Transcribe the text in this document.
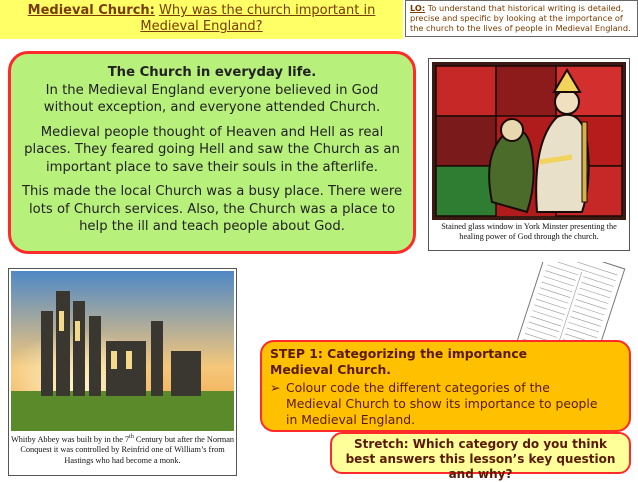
Medieval Church: Why was the church important in Medieval England?
LO: To understand that historical writing is detailed, precise and specific by looking at the importance of the church to the lives of people in Medieval England.

The Church in everyday life.
In the Medieval England everyone believed in God without exception, and everyone attended Church.

Medieval people thought of Heaven and Hell as real places. They feared going Hell and saw the Church as an important place to save their souls in the afterlife.

This made the local Church was a busy place. There were lots of Church services. Also, the Church was a place to help the ill and teach people about God.	Stained glass window in York Minster presenting the healing power of God through the church.
Whitby Abbey was built by in the 7th Century but after the Norman Conquest it was controlled by Reinfrid one of William’s from Hastings who had become a monk.
STEP 1: Categorizing the importance Medieval Church.
➢ Colour code the different categories of the Medieval Church to show its importance to people in Medieval England.
Stretch: Which category do you think best answers this lesson’s key question and why?
